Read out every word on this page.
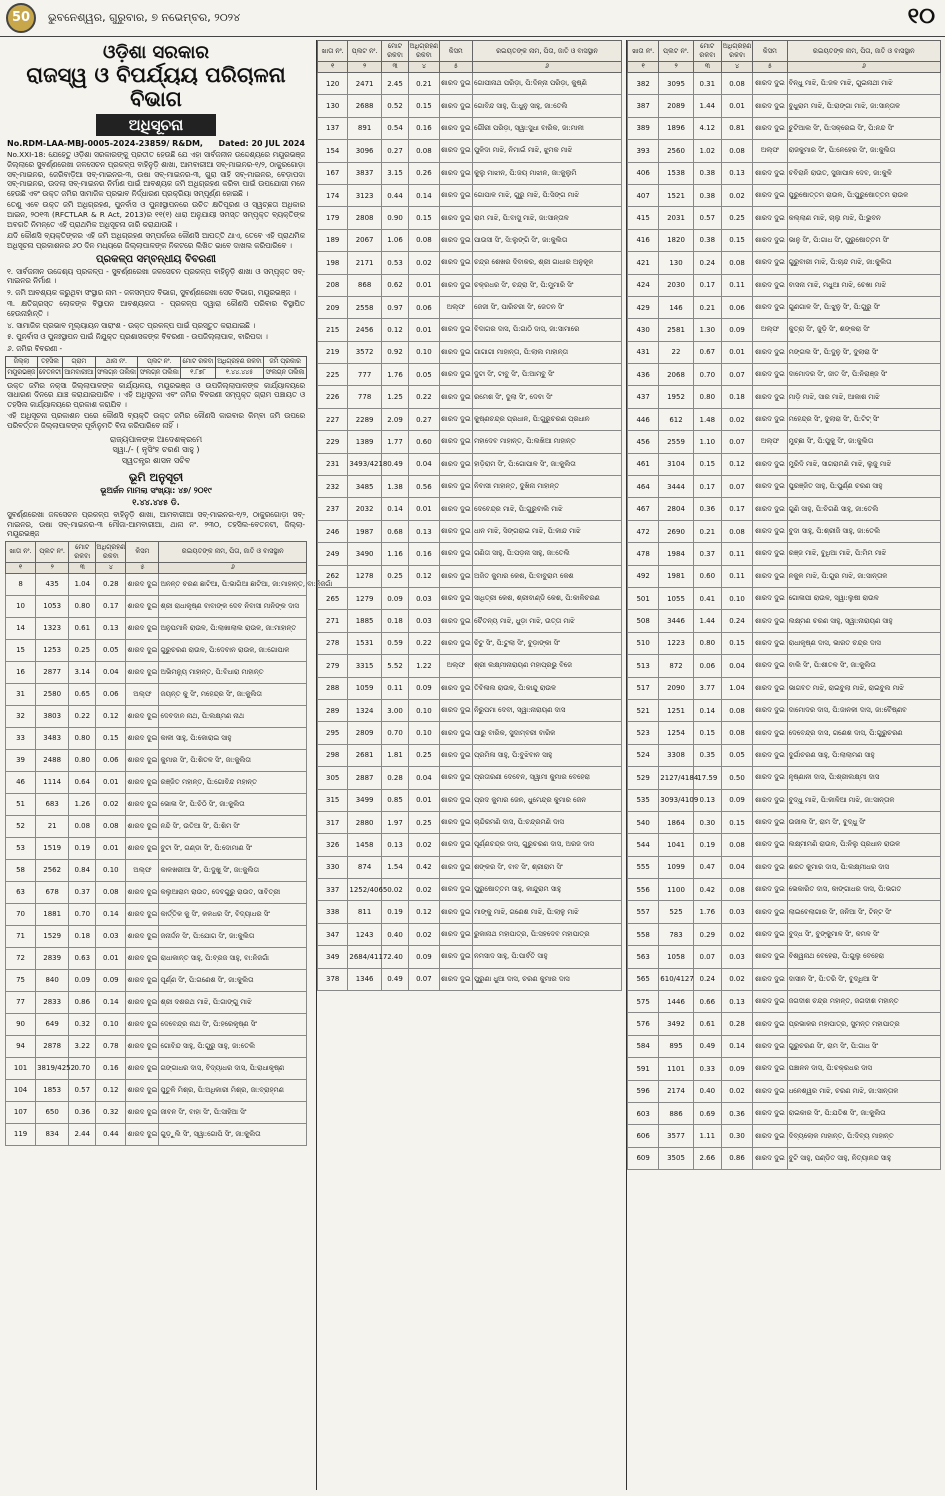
50	ଭୁବନେଶ୍ୱର, ଗୁରୁବାର, ୭ ନଭେମ୍ବର, ୨୦୨୪	୧୦
ଓଡ଼ିଶା ସରକାର
ରାଜସ୍ୱ ଓ ବିପର୍ଯ୍ୟୟ ପରିଚାଳନା ବିଭାଗ
ଅଧିସୂଚନା
No.RDM-LAA-MBJ-0005-2024-23859/ R&DM, Dated: 20 JUL 2024

No.XXI-18: ଯେହେତୁ ଓଡ଼ିଶା ସରକାରଙ୍କୁ ପ୍ରତୀତ ହେଉଛି ଯେ ଏହା ସାର୍ବଜନୀନ ଉଦ୍ଦେଶ୍ୟରେ ମୟୂରଭଞ୍ଜ ଜିଲ୍ଲାରେ ସୁବର୍ଣ୍ଣରେଖା ଜଳସେଚନ ପ୍ରକଳ୍ପ ବାହିନୁଡ଼ି ଶାଖା, ଆମବାରୀଆ ସବ୍-ମାଇନର-୧/୨, ଠାକୁରଗୋଡ଼ା ସବ୍-ମାଇନର, ଜେରିବାଡ଼ିଆ ସବ୍-ମାଇନର-୩, ଉଷା ସବ୍-ମାଇନର-୩, ଗୁରା ସାହି ସବ୍-ମାଇନର, ବେଡ଼ାପଦା ସବ୍-ମାଇନର, ଉଦଲା ସବ୍-ମାଇନର ନିର୍ମାଣ ପାଇଁ ଆବଶ୍ୟକ ଜମି ଅଧିଗ୍ରହଣ କରିବା ପାଇଁ ଉପଯୋଗୀ ମନେ ହେଉଛି ଏବଂ ଉକ୍ତ ଜମିର ସାମାଜିକ ପ୍ରଭାବ ନିର୍ଦ୍ଧାରଣ ପ୍ରକ୍ରିୟା ସମ୍ପୂର୍ଣ୍ଣ ହୋଇଛି ।

ତେଣୁ ଏବେ ଉକ୍ତ ଜମି ଅଧିଗ୍ରହଣ, ପୁନର୍ବାସ ଓ ପୁନଃସ୍ଥାପନରେ ଉଚିତ କ୍ଷତିପୂରଣ ଓ ସ୍ୱଚ୍ଛତା ଅଧିକାର ଆଇନ, ୨୦୧୩ (RFCTLAR & R Act, 2013)ର ୧୧(୧) ଧାରା ଅନୁଯାୟୀ ସମସ୍ତ ସମ୍ପୃକ୍ତ ବ୍ୟକ୍ତିଙ୍କ ଅବଗତି ନିମନ୍ତେ ଏହି ପ୍ରାଥମିକ ଅଧିସୂଚନା ଜାରି କରାଯାଉଛି ।

ଯଦି କୌଣସି ବ୍ୟକ୍ତିଙ୍କର ଏହି ଜମି ଅଧିଗ୍ରହଣ ସମ୍ପର୍କରେ କୌଣସି ଆପତ୍ତି ଥାଏ, ତେବେ ଏହି ପ୍ରାଥମିକ ଅଧିସୂଚନା ପ୍ରକାଶନର ୬୦ ଦିନ ମଧ୍ୟରେ ଜିଲ୍ଲାପାଳଙ୍କ ନିକଟରେ ଲିଖିତ ଭାବେ ଦାଖଲ କରିପାରିବେ ।

ପ୍ରକଳ୍ପ ସମ୍ବନ୍ଧୀୟ ବିବରଣୀ

୧. ସାର୍ବଜନୀନ ଉଦ୍ଦେଶ୍ୟ ପ୍ରକଳ୍ପ - ସୁବର୍ଣ୍ଣରେଖା ଜଳସେଚନ ପ୍ରକଳ୍ପ ବାହିନୁଡ଼ି ଶାଖା ଓ ସମ୍ପୃକ୍ତ ସବ୍-ମାଇନର ନିର୍ମାଣ ।

୨. ଜମି ଆବଶ୍ୟକ କରୁଥିବା ସଂସ୍ଥାର ନାମ - ଜଳସମ୍ପଦ ବିଭାଗ, ସୁବର୍ଣ୍ଣରେଖା ସେଚ ବିଭାଗ, ମୟୂରଭଞ୍ଜ ।

୩. କ୍ଷତିଗ୍ରସ୍ତ ଲୋକଙ୍କ ବିସ୍ଥାପନ ଆବଶ୍ୟକତା - ପ୍ରକଳ୍ପ ଦ୍ୱାରା କୌଣସି ପରିବାର ବିସ୍ଥାପିତ ହେଉନାହାଁନ୍ତି ।

୪. ସାମାଜିକ ପ୍ରଭାବ ମୂଲ୍ୟାୟନ ସାରାଂଶ - ଉକ୍ତ ପ୍ରକଳ୍ପ ପାଇଁ ପ୍ରସ୍ତୁତ କରାଯାଇଛି ।

୫. ପୁନର୍ବାସ ଓ ପୁନଃସ୍ଥାପନ ପାଇଁ ନିଯୁକ୍ତ ପ୍ରଶାସକଙ୍କ ବିବରଣୀ - ଉପଜିଲ୍ଲାପାଳ, ବାରିପଦା ।

୬. ଜମିର ବିବରଣୀ -

ଜିଲ୍ଲା	ତହସିଲ	ଗ୍ରାମ	ଥାନା ନଂ.	ପ୍ଲଟ ନଂ.	ମୋଟ ରକବା	ଅଧିଗ୍ରହଣ ରକବା	ଜମି ପ୍ରକାର
ମୟୂରଭଞ୍ଜ	ବେତନଟୀ	ଆମବାରୀଆ	ସଂଲଗ୍ନ ତାଲିକା	ସଂଲଗ୍ନ ତାଲିକା	୧.୮୭୮	୧.୪୪.୪୪୫	ସଂଲଗ୍ନ ତାଲିକା

ଉକ୍ତ ଜମିର ନକ୍ସା ଜିଲ୍ଲାପାଳଙ୍କ କାର୍ଯ୍ୟାଳୟ, ମୟୂରଭଞ୍ଜ ଓ ଉପଜିଲ୍ଲାପାଳଙ୍କ କାର୍ଯ୍ୟାଳୟରେ ସାଧାରଣ ଦିନରେ ଯାଞ୍ଚ କରାଯାଇପାରିବ । ଏହି ଅଧିସୂଚନା ଏବଂ ଜମିର ବିବରଣୀ ସମ୍ପୃକ୍ତ ଗ୍ରାମ ପଞ୍ଚାୟତ ଓ ତହସିଲ କାର୍ଯ୍ୟାଳୟରେ ପ୍ରକାଶ କରାଯିବ ।

ଏହି ଅଧିସୂଚନା ପ୍ରକାଶନ ପରେ କୌଣସି ବ୍ୟକ୍ତି ଉକ୍ତ ଜମିର କୌଣସି କାରବାର କିମ୍ବା ଜମି ଉପରେ ପରିବର୍ତ୍ତନ ଜିଲ୍ଲାପାଳଙ୍କ ପୂର୍ବାନୁମତି ବିନା କରିପାରିବେ ନାହିଁ ।

ରାଜ୍ୟପାଳଙ୍କ ଆଦେଶକ୍ରମେ
ସ୍ୱା./- ( ନୃସିଂହ ଚରଣ ସାହୁ )
ସ୍ୱତନ୍ତ୍ର ଶାସନ ସଚିବ
ଭୂମି ଅନୁସୂଚୀ
ଭୂଅର୍ଜନ ମାମଲା ସଂଖ୍ୟା: ୪୭/ ୨୦୧୯
୧.୪୪.୪୪୫ ଡି.

ସୁବର୍ଣ୍ଣରେଖା ଜଳସେଚନ ପ୍ରକଳ୍ପ ବାହିନୁଡ଼ି ଶାଖା, ଆମବାରୀଆ ସବ୍-ମାଇନର-୧/୨, ଠାକୁରଗୋଡ଼ା ସବ୍-ମାଇନର, ଉଷା ସବ୍-ମାଇନର-୩ ମୌଜା-ଆମବାରୀଆ, ଥାନା ନଂ. ୨୩୦, ତହସିଲ-ବେତନଟୀ, ଜିଲ୍ଲା-ମୟୂରଭଞ୍ଜ

ଖାତା ନଂ.	ପ୍ଲଟ ନଂ.	ମୋଟ ରକବା	ଅଧିଗ୍ରହଣ ରକବା	କିସମ	ରଇୟତଙ୍କ ନାମ, ପିତା, ଜାତି ଓ ବାସସ୍ଥାନ
୧	୨	୩	୪	୫	୬
8	435	1.04	0.28	ଶାରଦ ଦୁଇ	ଅନନ୍ତ ଚରଣ ଛାଟିଆ, ପି:ଭାଗିଆ ଛାଟିଆ, ଜା:ମାହାନ୍ତ, ବା:ନିଜଗାଁ
10	1053	0.80	0.17	ଶାରଦ ଦୁଇ	ଶ୍ରୀ ରାଧାକୃଷ୍ଣ ବାବାଙ୍କ ଦେବ ନିବାସୀ ମାନିଙ୍କ ଦାସ
14	1323	0.61	0.13	ଶାରଦ ଦୁଇ	ଅନୁପମାଳି ରାଉଳ, ପି:ଲାଖାଲାଲ ରାଉଳ, ଜା:ମାହାନ୍ତ
15	1253	0.25	0.05	ଶାରଦ ଦୁଇ	ଗୁରୁଚରଣ ରାଉଳ, ପି:ଦେବାନ ରାଉଳ, ଜା:ଗୋପାଳ
16	2877	3.14	0.04	ଶାରଦ ଦୁଇ	ଅଭିମନ୍ୟୁ ମାହାନ୍ତ, ପି:ବିଧାରା ମାହାନ୍ତ
31	2580	0.65	0.06	ଅଲ୍ଫ	ଜୟନ୍ତ କୁ ସିଂ, ମହେନ୍ଦ୍ର ସିଂ, ଜା:କୁଲିତା
32	3803	0.22	0.12	ଶାରଦ ଦୁଇ	ଦେବଦାନ ନାଥ, ପି:ଲକ୍ଷ୍ମଣ ନାଥ
33	3483	0.80	0.15	ଶାରଦ ଦୁଇ	କାଳୀ ସାହୁ, ପି:କୋରାଇ ସାହୁ
39	2488	0.80	0.06	ଶାରଦ ଦୁଇ	କୁମାର ସିଂ, ପି:ଶିତଳ ସିଂ, ଜା:କୁଲିତା
46	1114	0.64	0.01	ଶାରଦ ଦୁଇ	ରଞ୍ଜିତ ମହାନ୍ତ, ପି:ଗୋବିନ୍ଦ ମହାନ୍ତ
51	683	1.26	0.02	ଶାରଦ ଦୁଇ	ଭୋଳା ସିଂ, ପି:ଚିଠି ସିଂ, ଜା:କୁଲିତା
52	21	0.08	0.08	ଶାରଦ ଦୁଇ	ନନ୍ଦି ସିଂ, ଉତିଆ ସିଂ, ପି:ଶିମ ସିଂ
53	1519	0.19	0.01	ଶାରଦ ଦୁଇ	ବୁଟା ସିଂ, ଗଣ୍ଡା ସିଂ, ପି:ଦୋମାଣ ସିଂ
58	2562	0.84	0.10	ଅଲ୍ଫ	କାଳଖରୀଆ ସିଂ, ପି:ଦୁଖୁ ସିଂ, ଜା:କୁଲିତା
63	678	0.37	0.08	ଶାରଦ ଦୁଇ	କଲୁଆରାମ ରାଉତ, ଦେବଗୁରୁ ରାଉତ, ସାବିତ୍ରୀ
70	1881	0.70	0.14	ଶାରଦ ଦୁଇ	କାର୍ତ୍ତିକ କୁ ସିଂ, କଳଧର ସିଂ, ବିଦ୍ୟାଧର ସିଂ
71	1529	0.18	0.03	ଶାରଦ ଦୁଇ	ଜନାର୍ଦ୍ଦନ ସିଂ, ପି:ଯୋଗ ସିଂ, ଜା:କୁଲିତା
72	2839	0.63	0.01	ଶାରଦ ଦୁଇ	ରାଧାକାନ୍ତ ସାହୁ, ପି:ବ୍ରଜ ସାହୁ, ବା:ନିଜଗାଁ
75	840	0.09	0.09	ଶାରଦ ଦୁଇ	ପୂର୍ଣ୍ଣ ସିଂ, ପି:ଗଣେଶ ସିଂ, ଜା:କୁଲିତା
77	2833	0.86	0.14	ଶାରଦ ଦୁଇ	ଶ୍ରୀ ଦଶରଥ ମାଝି, ପି:ଗାଙ୍ଗୁ ମାଝି
90	649	0.32	0.10	ଶାରଦ ଦୁଇ	ଦେବେନ୍ଦ୍ର ନାଥ ସିଂ, ପି:ହରେକୃଷ୍ଣ ସିଂ
94	2878	3.22	0.78	ଶାରଦ ଦୁଇ	ଗୋବିନ୍ଦ ସାହୁ, ପି:ଗୁରୁ ସାହୁ, ଜା:ତେଲି
101	3819/4252	0.70	0.16	ଶାରଦ ଦୁଇ	ଗଙ୍ଗାଧର ଦାସ, ବିଦ୍ୟାଧର ଦାସ, ପି:ରାଧାକୃଷ୍ଣ
104	1853	0.57	0.12	ଶାରଦ ଦୁଇ	ପୁତୁଳି ମିଶ୍ର, ପି:ଅଧିକାରୀ ମିଶ୍ର, ଜା:ବ୍ରାହ୍ମଣ
107	650	0.36	0.32	ଶାରଦ ଦୁଇ	ଜୀବନ ସିଂ, ବାହା ସିଂ, ପି:ସାହିଆ ସିଂ
119	834	2.44	0.44	ଶାରଦ ଦୁଇ	ଗୁଡ଼ୁଲି ସିଂ, ସ୍ୱା:ଗୋପି ସିଂ, ଜା:କୁଲିତା
ଖାତା ନଂ.	ପ୍ଲଟ ନଂ.	ମୋଟ ରକବା	ଅଧିଗ୍ରହଣ ରକବା	କିସମ	ରଇୟତଙ୍କ ନାମ, ପିତା, ଜାତି ଓ ବାସସ୍ଥାନ
୧	୨	୩	୪	୫	୬
120	2471	2.45	0.21	ଶାରଦ ଦୁଇ	ଗୋପୀନାଥ ପରିଡ଼ା, ପି:ଦିନ୍ନା ପରିଡ଼ା, କୁଷ୍ଣି
130	2688	0.52	0.15	ଶାରଦ ଦୁଇ	ଗୋବିନ୍ଦ ସାହୁ, ପି:ଧୁନୁ ସାହୁ, ଜା:ତେଲି
137	891	0.54	0.16	ଶାରଦ ଦୁଇ	ଗୌରୀ ପରିଡ଼ା, ସ୍ୱା:ସୁଧା ବାରିକ, ଜା:ମାଳୀ
154	3096	0.27	0.08	ଶାରଦ ଦୁଇ	ପୁଳିଦା ମାଝି, ନିମାଇଁ ମାଝି, ଝୁମକ ମାଝି
167	3837	3.15	0.26	ଶାରଦ ଦୁଇ	କୁଲୁ ମାଝାନ, ପି:ଜୟ ମାଝାନ, ଜା:କୁଲୁମି
174	3123	0.44	0.14	ଶାରଦ ଦୁଇ	ଗୋପାଳ ମାଝି, ଗୁରୁ ମାଝି, ପି:ସିଙ୍ଗ ମାଝି
179	2808	0.90	0.15	ଶାରଦ ଦୁଇ	ରାମ ମାଝି, ପି:ବାସୁ ମାଝି, ଜା:ସାନ୍ତାଳ
189	2067	1.06	0.08	ଶାରଦ ଦୁଇ	ପାଉସୀ ସିଂ, ସି:ଲୁଙ୍ଗି ସିଂ, ଜା:କୁଲିତା
198	2171	0.53	0.02	ଶାରଦ ଦୁଇ	ଚନ୍ଦ୍ର ଶେଖର ଦିବାକର, ଶ୍ରୀ ଗାଧାର ଅନୁକୂଳ
208	868	0.62	0.01	ଶାରଦ ଦୁଇ	ଚକ୍ରଧର ସିଂ, ଚନ୍ଦ୍ରା ସିଂ, ପି:ମୁମାରି ସିଂ
209	2558	0.97	0.06	ଅଲ୍ଫ	ଜେଜୀ ସିଂ, ପାରିଚରୀ ସିଂ, ଜେତନ ସିଂ
215	2456	0.12	0.01	ଶାରଦ ଦୁଇ	ବିଦାଗର ଦାସ, ପି:ଗାଠି ଦାସ, ଜା:ସାମାରେ
219	3572	0.92	0.10	ଶାରଦ ଦୁଇ	ଗାଗାଗୀ ମାହାନ୍ତା, ପି:ଲାଲ ମାହାନ୍ତା
225	777	1.76	0.05	ଶାରଦ ଦୁଇ	ଦୁଟା ସିଂ, ଟାବୁ ସିଂ, ପି:ଆମ୍ବୁ ସିଂ
226	778	1.25	0.22	ଶାରଦ ଦୁଇ	ରମେଶ ସିଂ, ଦୁଲା ସିଂ, ଦେବା ସିଂ
227	2289	2.09	0.27	ଶାରଦ ଦୁଇ	କୁଷ୍ଣଚନ୍ଦ୍ର ପ୍ରଧାନ, ପି:ଗୁରୁଚରଣ ପ୍ରଧାନ
229	1389	1.77	0.60	ଶାରଦ ଦୁଇ	ମହାଦେବ ମାହାନ୍ତ, ପି:ଲଖିଆ ମାହାନ୍ତ
231	3493/4218	0.49	0.04	ଶାରଦ ଦୁଇ	ହାଡ଼ିରାମ ସିଂ, ପି:ଗୋପାଳ ସିଂ, ଜା:କୁଲିତା
232	3485	1.38	0.56	ଶାରଦ ଦୁଇ	ନିବାସୀ ମାହାନ୍ତ, ଦୁଖିନା ମାହାନ୍ତ
237	2032	0.14	0.01	ଶାରଦ ଦୁଇ	ଦେବେନ୍ଦ୍ର ମାଝି, ପି:ଗୁରୁବାଲି ମାଝି
246	1987	0.68	0.13	ଶାରଦ ଦୁଇ	ଧାନ ମାଝି, ସିଙ୍ଗରାଇ ମାଝି, ପି:କାନ୍ଦ ମାଝି
249	3490	1.16	0.16	ଶାରଦ ଦୁଇ	ଗଣିତା ସାହୁ, ପି:ପଡ଼ନା ସାହୁ, ଜା:ତେଲି
262	1278	0.25	0.12	ଶାରଦ ଦୁଇ	ଅଜିତ କୁମାର କେଶ, ପି:ବାବୁରାମ କେଶ
265	1279	0.09	0.03	ଶାରଦ ଦୁଇ	ସାଧିତ୍ରୀ କେଶ, ଶ୍ରୀବାଣ୍ଡି କେଶ, ପି:କାଳିଚରଣ
271	1885	0.18	0.03	ଶାରଦ ଦୁଇ	ଚୈତନ୍ୟ ମାଝି, ଧୁଡ଼ା ମାଝି, ଉତ୍ତା ମାଝି
278	1531	0.59	0.22	ଶାରଦ ଦୁଇ	ଚିଟୁ ସିଂ, ପି:ଟୁଲା ସିଂ, ବୁଡ଼ାଙ୍କା ସିଂ
279	3315	5.52	1.22	ଅଲ୍ଫ	ଶ୍ରୀ ଲକ୍ଷ୍ମୀନାରାୟଣ ମହାପ୍ରଭୁ ବିଜେ
288	1059	0.11	0.09	ଶାରଦ ଦୁଇ	ତିବିଳାଲ ରାଉଳ, ପି:କାନ୍ଦୁ ରାଉଳ
289	1324	3.00	0.10	ଶାରଦ ଦୁଇ	ନିରୁପମା ଦେବୀ, ସ୍ୱା:ନାରାୟଣ ଦାସ
295	2809	0.70	0.10	ଶାରଦ ଦୁଇ	ପାରୁ ବାରିକ, ସୁଦାମ୍ବରୀ ବାରିକ
298	2681	1.81	0.25	ଶାରଦ ଦୁଇ	ପ୍ରମିଳା ସାହୁ, ପି:ବୁଝିବାନ ସାହୁ
305	2887	0.28	0.04	ଶାରଦ ଦୁଇ	ପ୍ରତାରଣୀ ଦେବେନ, ସ୍ୱାମୀ କୁମାର ବେହେରା
315	3499	0.85	0.01	ଶାରଦ ଦୁଇ	ପ୍ରଦ କୁମାର ଜେନ, ଧୁମେନ୍ଦ୍ର କୁମାର ଜେନ
317	2880	1.97	0.25	ଶାରଦ ଦୁଇ	ଚାନ୍ଦିରମଣି ଦାସ, ପି:ଚନ୍ଦ୍ରମଣି ଦାସ
326	1458	0.13	0.02	ଶାରଦ ଦୁଇ	ପୂର୍ଣ୍ଣଚନ୍ଦ୍ର ଦାସ, ଗୁରୁଚରଣ ଦାସ, ଅରଜ ଦାସ
330	874	1.54	0.42	ଶାରଦ ଦୁଇ	ଶଙ୍କର ସିଂ, ବାବ ସିଂ, ଶ୍ରୀରାମ ସିଂ
337	1252/4065	0.02	0.02	ଶାରଦ ଦୁଇ	ପୁରୁଷୋତ୍ତମ ସାହୁ, କାନ୍ଦୁରାମ ସାହୁ
338	811	0.19	0.12	ଶାରଦ ଦୁଇ	ମାଙ୍କୁ ମାଝି, ଗଣେଶ ମାଝି, ପି:ଲାଳୁ ମାଝି
347	1243	0.40	0.02	ଶାରଦ ଦୁଇ	ରୁକାନାଥ ମହାପାତ୍ର, ପି:ସହଦେବ ମହାପାତ୍ର
349	2684/4117	2.40	0.09	ଶାରଦ ଦୁଇ	ନମସାଦ ସାହୁ, ପି:ପାର୍ବତି ସାହୁ
378	1346	0.49	0.07	ଶାରଦ ଦୁଇ	ପୁରୁଣା ଧୁଆ ଦାସ, ଚରଣ କୁମାର ଦାସ
ଖାତା ନଂ.	ପ୍ଲଟ ନଂ.	ମୋଟ ରକବା	ଅଧିଗ୍ରହଣ ରକବା	କିସମ	ରଇୟତଙ୍କ ନାମ, ପିତା, ଜାତି ଓ ବାସସ୍ଥାନ
୧	୨	୩	୪	୫	୬
382	3095	0.31	0.08	ଶାରଦ ଦୁଇ	ବିନ୍ଧୁ ମାଝି, ପି:ଜଳ ମାଝି, ଗୁଇନାଥୀ ମାଝି
387	2089	1.44	0.01	ଶାରଦ ଦୁଇ	ବୁଧୁରାମ ମାଝି, ପି:ରାଙ୍ଗା ମାଝି, ଜା:ସାନ୍ତାଳ
389	1896	4.12	0.81	ଶାରଦ ଦୁଇ	ଚୁଟିଆଲ ସିଂ, ପି:ସକ୍ରେଇ ସିଂ, ପି:ନନ୍ଦ ସିଂ
393	2560	1.02	0.08	ଅଲ୍ଫ	ରାଜକୁମାର ସିଂ, ପି:ନେହେର ସିଂ, ଜା:କୁଲିତା
406	1538	0.38	0.13	ଶାରଦ ଦୁଇ	ଚବିରାନି ରାଉତ, ସୁଜାପାଳ ଦେବ, ଜା:କୁଳି
407	1521	0.38	0.02	ଶାରଦ ଦୁଇ	ପୁରୁଷୋତ୍ତମ ରାଉଳ, ପି:ପୁରୁଷୋତ୍ତମ ରାଉଳ
415	2031	0.57	0.25	ଶାରଦ ଦୁଇ	କଲ୍ଲାଣ ମାଝି, ଚାଲୁ ମାଝି, ପି:ଭୁବନ
416	1820	0.38	0.15	ଶାରଦ ଦୁଇ	ଭାନୁ ସିଂ, ପି:ଗାଧ ସିଂ, ପୁରୁଷୋତ୍ତମ ସିଂ
421	130	0.24	0.08	ଶାରଦ ଦୁଇ	ଗୁରୁବାରୀ ମାଝି, ପି:ଚାନ୍ଦ ମାଝି, ଜା:କୁଲିତା
424	2030	0.17	0.11	ଶାରଦ ଦୁଇ	ବାସନା ମାଝି, ମଧୁଆ ମାଝି, ଚେଖା ମାଝି
429	146	0.21	0.06	ଶାରଦ ଦୁଇ	ଗୁଣଗାଳ ସିଂ, ପି:ଝୁନୁ ସିଂ, ପି:ଗୁରୁ ସିଂ
430	2581	1.30	0.09	ଅଲ୍ଫ	କୁତ୍ରା ସିଂ, ଜୁଡ଼ି ସିଂ, ଶଙ୍କରା ସିଂ
431	22	0.67	0.01	ଶାରଦ ଦୁଇ	ମଙ୍ଗଲ ସିଂ, ପି:ଦୁନୁ ସିଂ, ଦୁଲାରା ସିଂ
436	2068	0.70	0.07	ଶାରଦ ଦୁଇ	ଦାମୋଦର ସିଂ, ଜୀତ ସିଂ, ପି:ନିରାଞ୍ଜ ସିଂ
437	1952	0.80	0.18	ଶାରଦ ଦୁଇ	ମାଡ଼ି ମାଝି, ସାର ମାଝି, ଆକାଶ ମାଝି
446	612	1.48	0.02	ଶାରଦ ଦୁଇ	ମହେନ୍ଦ୍ର ସିଂ, ଦୁଲାରା ସିଂ, ପି:ଟିଟ୍ ସିଂ
456	2559	1.10	0.07	ଅଲ୍ଫ	ମୁଚ୍ଛା ସିଂ, ପି:ପୁକୁ ସିଂ, ଜା:କୁଲିତା
461	3104	0.15	0.12	ଶାରଦ ଦୁଇ	ମୁରିଦି ମାଝି, ସାଗରାମଣି ମାଝି, ଲୁଜୁ ମାଝି
464	3444	0.17	0.07	ଶାରଦ ଦୁଇ	ପୁରଞ୍ଜିତ ସାହୁ, ପି:ପୁର୍ଣ୍ଣ ଚରଣ ସାହୁ
467	2804	0.36	0.17	ଶାରଦ ଦୁଇ	ଗୁଣି ସାହୁ, ପି:ଚିଗଣି ସାହୁ, ଜା:ତେଲି
472	2690	0.21	0.08	ଶାରଦ ଦୁଇ	ବୁଦା ସାହୁ, ପି:ଶ୍ରୀଜି ସାହୁ, ଜା:ତେଲି
478	1984	0.37	0.11	ଶାରଦ ଦୁଇ	ରଞ୍ଜ ମାଝି, ବୁଧିଆ ମାଝି, ପି:ମିମ ମାଝି
492	1981	0.60	0.11	ଶାରଦ ଦୁଇ	ନକୁଳ ମାଝି, ପି:ଗୁର ମାଝି, ଜା:ସାନ୍ତାଳ
501	1055	0.41	0.10	ଶାରଦ ଦୁଇ	ଗୋଳାପୀ ରାଉଳ, ସ୍ୱା:ଲୁଷୀ ରାଉଳ
508	3446	1.44	0.24	ଶାରଦ ଦୁଇ	ଲକ୍ଷ୍ମଣ ଚରଣ ସାହୁ, ସ୍ୱା:ନାରାୟଣ ସାହୁ
510	1223	0.80	0.15	ଶାରଦ ଦୁଇ	ରାଧାକୃଷ୍ଣ ଦାସ, ଭାରତ ଚନ୍ଦ୍ର ଦାସ
513	872	0.06	0.04	ଶାରଦ ଦୁଇ	ବାଲି ସିଂ, ପି:ଶୀତଳ ସିଂ, ଜା:କୁଲିତା
517	2090	3.77	1.04	ଶାରଦ ଦୁଇ	ଭାଗବତ ମାଝି, ରାଇବୁଲା ମାଝି, ରାଇବୁଲ ମାଝି
521	1251	0.14	0.08	ଶାରଦ ଦୁଇ	ଦାମୋଦର ଦାସ, ପି:ଜାନକୀ ଦାସ, ଜା:ବୈଷ୍ଣବ
523	1254	0.15	0.08	ଶାରଦ ଦୁଇ	ଦେବେନ୍ଦ୍ର ଦାସ, ଗଣେଶ ଦାସ, ପି:ଗୁରୁଚରଣ
524	3308	0.35	0.05	ଶାରଦ ଦୁଇ	ଦୁର୍ଗାଚରଣ ସାହୁ, ପି:ଲାଲାମଣ ସାହୁ
529	2127/4184	17.59	0.50	ଶାରଦ ଦୁଇ	ନୃଷ୍ଣାନୀ ଦାସ, ପି:ଶ୍ରୀଲକ୍ଷ୍ମୀ ଦାସ
535	3093/4109	0.13	0.09	ଶାରଦ ଦୁଇ	ବୁଦ୍ଧୁ ମାଝି, ପି:କାଳିଆ ମାଝି, ଜା:ସାନ୍ତାଳ
540	1864	0.30	0.15	ଶାରଦ ଦୁଇ	ଉଜୀଲ ସିଂ, ରାମ ସିଂ, ବୁଦ୍ଧୁ ସିଂ
544	1041	0.19	0.08	ଶାରଦ ଦୁଇ	ଲକ୍ଷ୍ମୀମଣି ରାଉଳ, ପି:ନିଲୁ ପ୍ରଧାନ ରାଉଳ
555	1099	0.47	0.04	ଶାରଦ ଦୁଇ	ଶରତ କୁମାର ଦାସ, ପି:ଲକ୍ଷ୍ମୀଧର ଦାସ
556	1100	0.42	0.08	ଶାରଦ ଦୁଇ	ଭେକାରିତ ଦାସ, କାଙ୍ଗାଧର ଦାସ, ପି:ଭଗତ
557	525	1.76	0.03	ଶାରଦ ଦୁଇ	ଲାଇବେଲାଗାର ସିଂ, ଜନିଆ ସିଂ, ଟିନ୍ଟ ସିଂ
558	783	0.29	0.02	ଶାରଦ ଦୁଇ	ବୁଦ୍ଧ ସିଂ, ବୁଙ୍କୁମାଳ ସିଂ, କମଳ ସିଂ
563	1058	0.07	0.03	ଶାରଦ ଦୁଇ	ବିଶ୍ୱନାଥ ବେହେରା, ପି:ଗୁଲୁ ବେହେରା
565	610/4127	0.24	0.02	ଶାରଦ ଦୁଇ	ଦାସୀନ ସିଂ, ପି:ତରି ସିଂ, ବୁଦ୍ଧିଆ ସିଂ
575	1446	0.66	0.13	ଶାରଦ ଦୁଇ	ଜଗଦୀଶ ଚନ୍ଦ୍ର ମହାନ୍ତ, ଜଗଦୀଶ ମହାନ୍ତ
576	3492	0.61	0.28	ଶାରଦ ଦୁଇ	ପ୍ରଭାକର ମହାପାତ୍ର, ସୁମନ୍ତ ମହାପାତ୍ର
584	895	0.49	0.14	ଶାରଦ ଦୁଇ	ଗୁରୁଚରଣ ସିଂ, ରାମ ସିଂ, ପି:ଗାଧ ସିଂ
591	1101	0.33	0.09	ଶାରଦ ଦୁଇ	ପଞ୍ଚାନନ ଦାସ, ପି:ଚକ୍ରଧର ଦାସ
596	2174	0.40	0.02	ଶାରଦ ଦୁଇ	ଧନେଶ୍ୱର ମାଝି, ଚରଣ ମାଝି, ଜା:ସାନ୍ତାଳ
603	886	0.69	0.36	ଶାରଦ ଦୁଇ	ରାଇକାର ସିଂ, ପି:ଯତିଶ ସିଂ, ଜା:କୁଲିତା
606	3577	1.11	0.30	ଶାରଦ ଦୁଇ	ଦିବ୍ୟଲୋକ ମାହାନ୍ତ, ପି:ଦିବ୍ୟ ମାହାନ୍ତ
609	3505	2.66	0.86	ଶାରଦ ଦୁଇ	ବୁଟି ସାହୁ, ପଣ୍ଡିତ ସାହୁ, ନିତ୍ୟାନନ୍ଦ ସାହୁ
